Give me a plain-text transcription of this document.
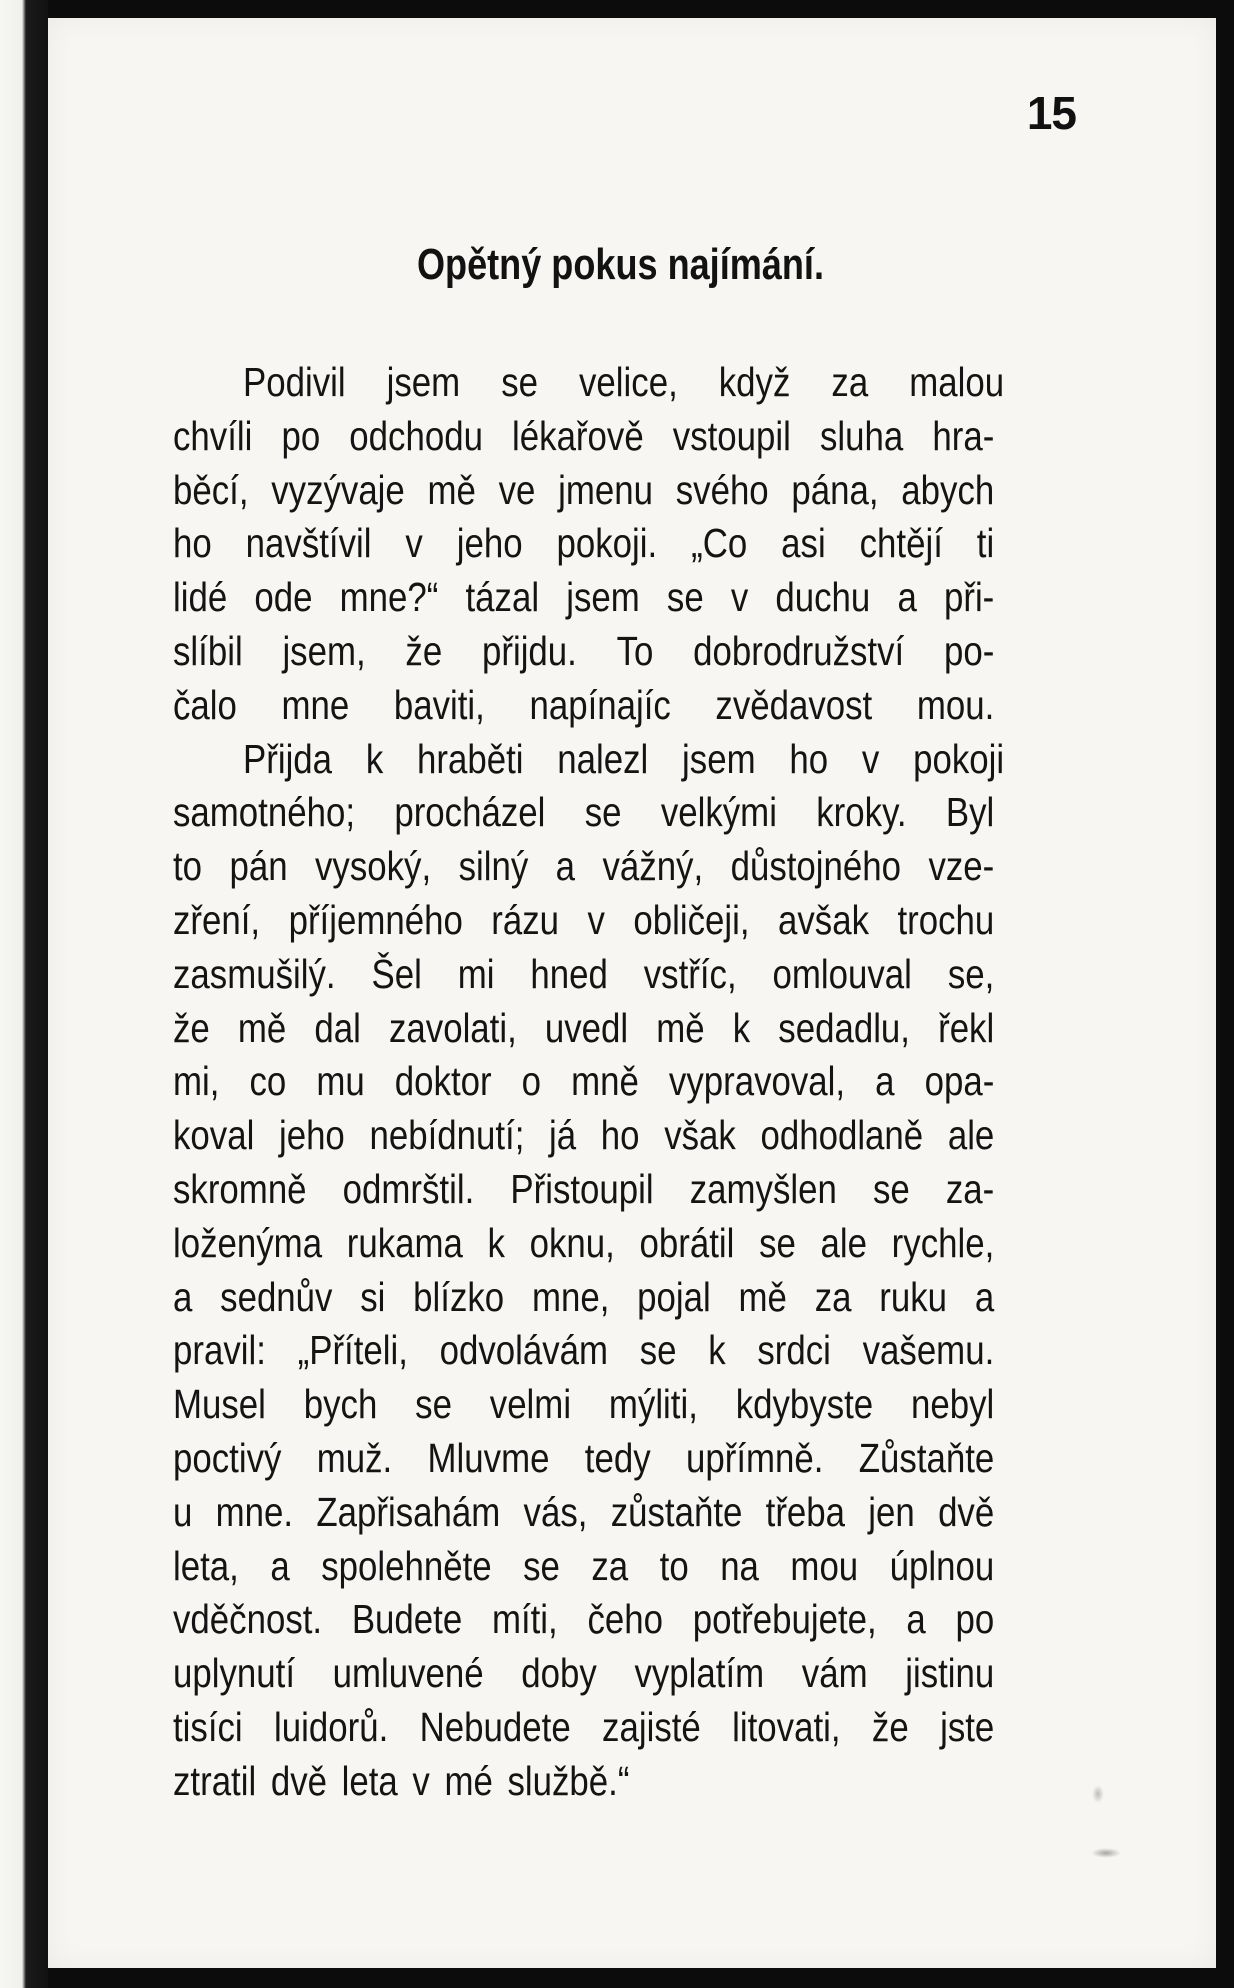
15
Opětný pokus najímání.
Podivil jsem se velice, když za malou
chvíli po odchodu lékařově vstoupil sluha hra-
běcí, vyzývaje mě ve jmenu svého pána, abych
ho navštívil v jeho pokoji. „Co asi chtějí ti
lidé ode mne?“ tázal jsem se v duchu a při-
slíbil jsem, že přijdu. To dobrodružství po-
čalo mne baviti, napínajíc zvědavost mou.
Přijda k hraběti nalezl jsem ho v pokoji
samotného; procházel se velkými kroky. Byl
to pán vysoký, silný a vážný, důstojného vze-
zření, příjemného rázu v obličeji, avšak trochu
zasmušilý. Šel mi hned vstříc, omlouval se,
že mě dal zavolati, uvedl mě k sedadlu, řekl
mi, co mu doktor o mně vypravoval, a opa-
koval jeho nebídnutí; já ho však odhodlaně ale
skromně odmrštil. Přistoupil zamyšlen se za-
loženýma rukama k oknu, obrátil se ale rychle,
a sednův si blízko mne, pojal mě za ruku a
pravil: „Příteli, odvolávám se k srdci vašemu.
Musel bych se velmi mýliti, kdybyste nebyl
poctivý muž. Mluvme tedy upřímně. Zůstaňte
u mne. Zapřisahám vás, zůstaňte třeba jen dvě
leta, a spolehněte se za to na mou úplnou
vděčnost. Budete míti, čeho potřebujete, a po
uplynutí umluvené doby vyplatím vám jistinu
tisíci luidorů. Nebudete zajisté litovati, že jste
ztratil dvě leta v mé službě.“
